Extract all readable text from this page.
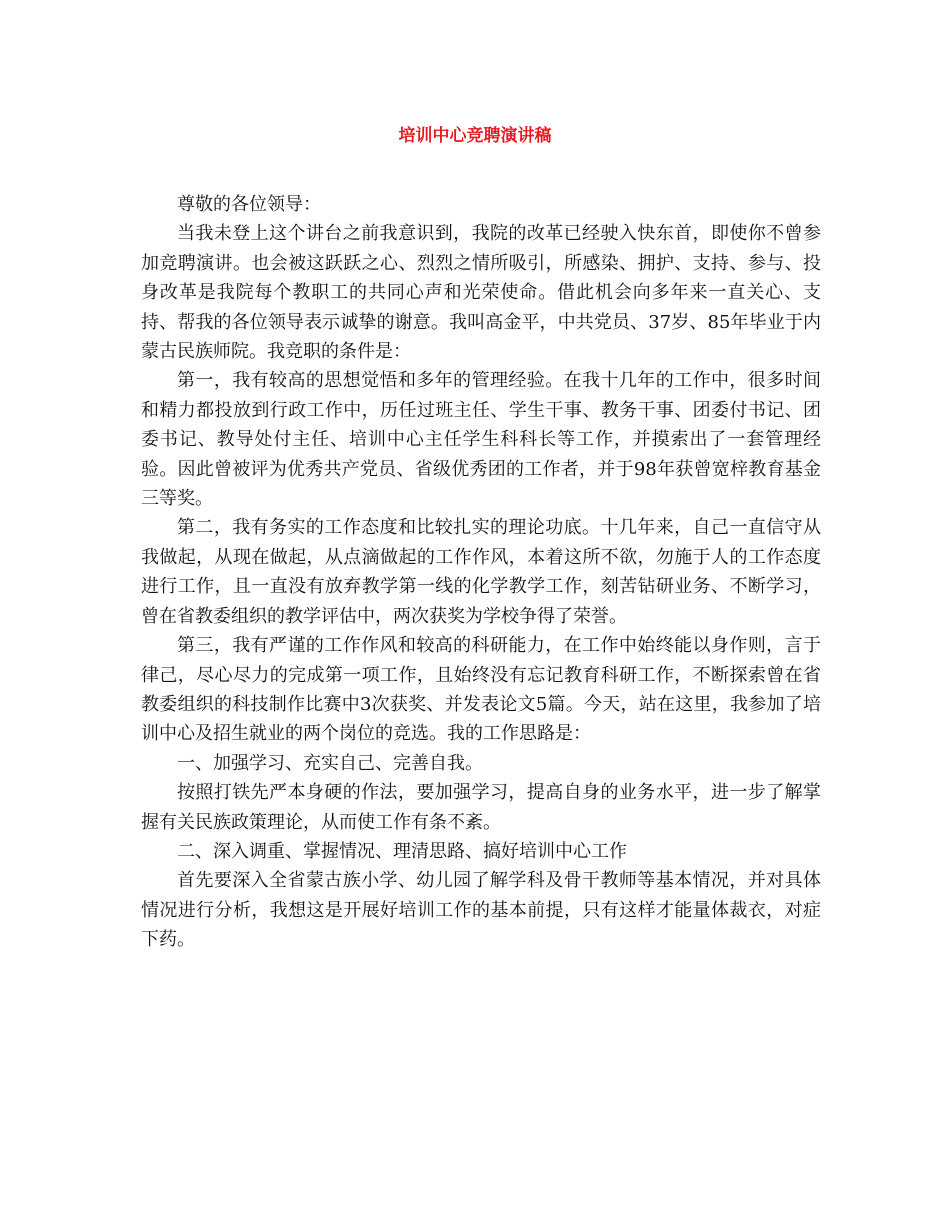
培训中心竞聘演讲稿

尊敬的各位领导：

当我未登上这个讲台之前我意识到，我院的改革已经驶入快东首，即使你不曾参加竞聘演讲。也会被这跃跃之心、烈烈之情所吸引，所感染、拥护、支持、参与、投身改革是我院每个教职工的共同心声和光荣使命。借此机会向多年来一直关心、支持、帮我的各位领导表示诚挚的谢意。我叫高金平，中共党员、37岁、85年毕业于内蒙古民族师院。我竞职的条件是：

第一，我有较高的思想觉悟和多年的管理经验。在我十几年的工作中，很多时间和精力都投放到行政工作中，历任过班主任、学生干事、教务干事、团委付书记、团委书记、教导处付主任、培训中心主任学生科科长等工作，并摸索出了一套管理经验。因此曾被评为优秀共产党员、省级优秀团的工作者，并于98年获曾宽梓教育基金三等奖。

第二，我有务实的工作态度和比较扎实的理论功底。十几年来，自己一直信守从我做起，从现在做起，从点滴做起的工作作风，本着这所不欲，勿施于人的工作态度进行工作，且一直没有放弃教学第一线的化学教学工作，刻苦钻研业务、不断学习，曾在省教委组织的教学评估中，两次获奖为学校争得了荣誉。

第三，我有严谨的工作作风和较高的科研能力，在工作中始终能以身作则，言于律己，尽心尽力的完成第一项工作，且始终没有忘记教育科研工作，不断探索曾在省教委组织的科技制作比赛中3次获奖、并发表论文5篇。今天，站在这里，我参加了培训中心及招生就业的两个岗位的竞选。我的工作思路是：

一、加强学习、充实自己、完善自我。

按照打铁先严本身硬的作法，要加强学习，提高自身的业务水平，进一步了解掌握有关民族政策理论，从而使工作有条不紊。

二、深入调重、掌握情况、理清思路、搞好培训中心工作

首先要深入全省蒙古族小学、幼儿园了解学科及骨干教师等基本情况，并对具体情况进行分析，我想这是开展好培训工作的基本前提，只有这样才能量体裁衣，对症下药。
